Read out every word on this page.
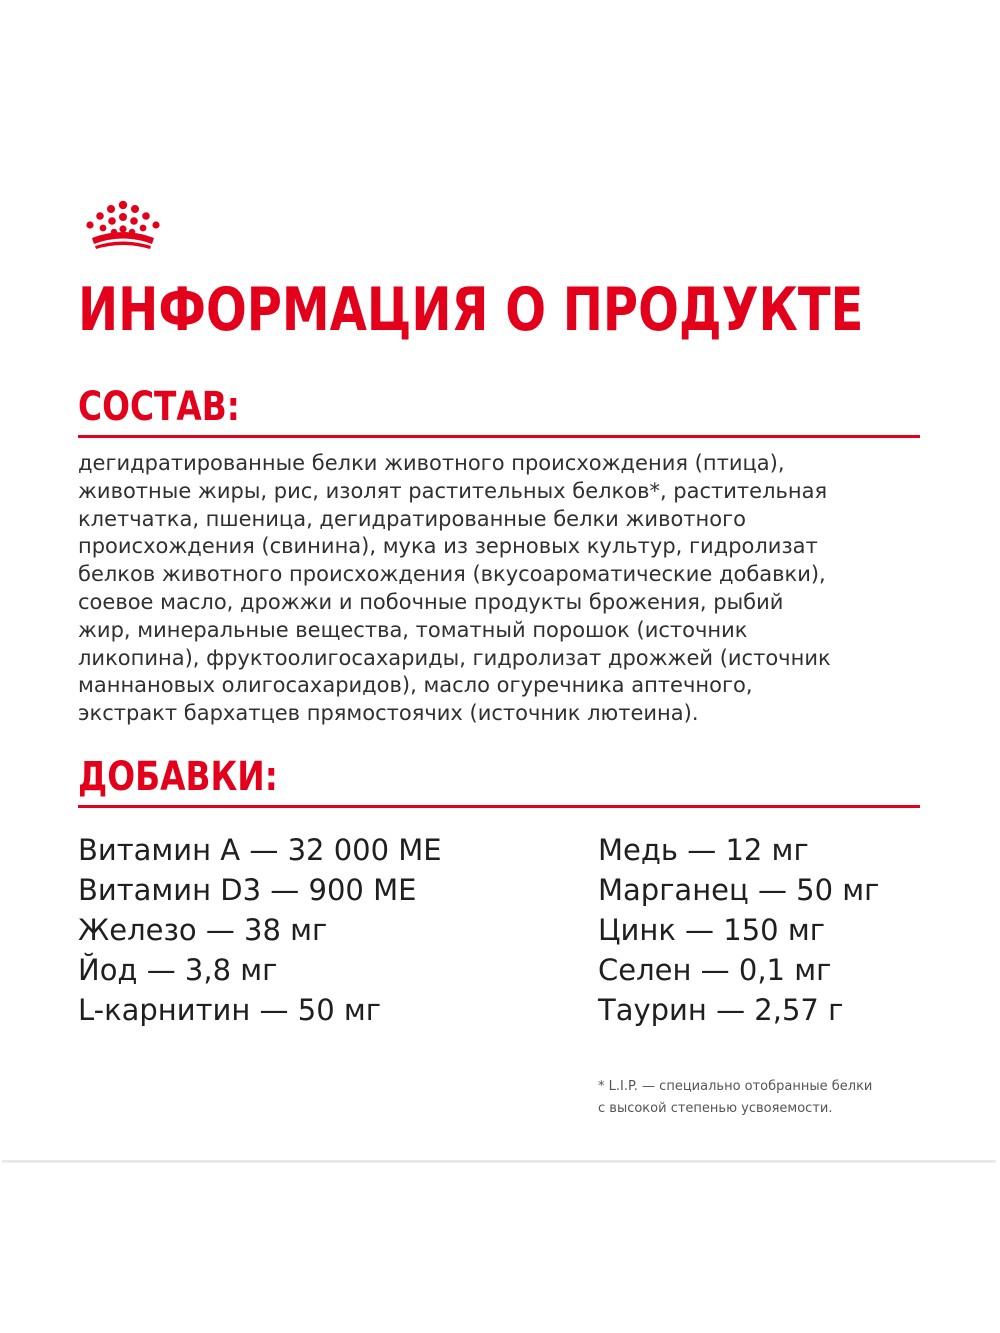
ИНФОРМАЦИЯ О ПРОДУКТЕ
СОСТАВ:

дегидратированные белки животного происхождения (птица),
животные жиры, рис, изолят растительных белков*, растительная
клетчатка, пшеница, дегидратированные белки животного
происхождения (свинина), мука из зерновых культур, гидролизат
белков животного происхождения (вкусоароматические добавки),
соевое масло, дрожжи и побочные продукты брожения, рыбий
жир, минеральные вещества, томатный порошок (источник
ликопина), фруктоолигосахариды, гидролизат дрожжей (источник
маннановых олигосахаридов), масло огуречника аптечного,
экстракт бархатцев прямостоячих (источник лютеина).

ДОБАВКИ:
Витамин А — 32 000 МЕ
Витамин D3 — 900 МЕ
Железо — 38 мг
Йод — 3,8 мг
L-карнитин — 50 мг
Медь — 12 мг
Марганец — 50 мг
Цинк — 150 мг
Селен — 0,1 мг
Таурин — 2,57 г

* L.I.P. — специально отобранные белки
с высокой степенью усвояемости.
